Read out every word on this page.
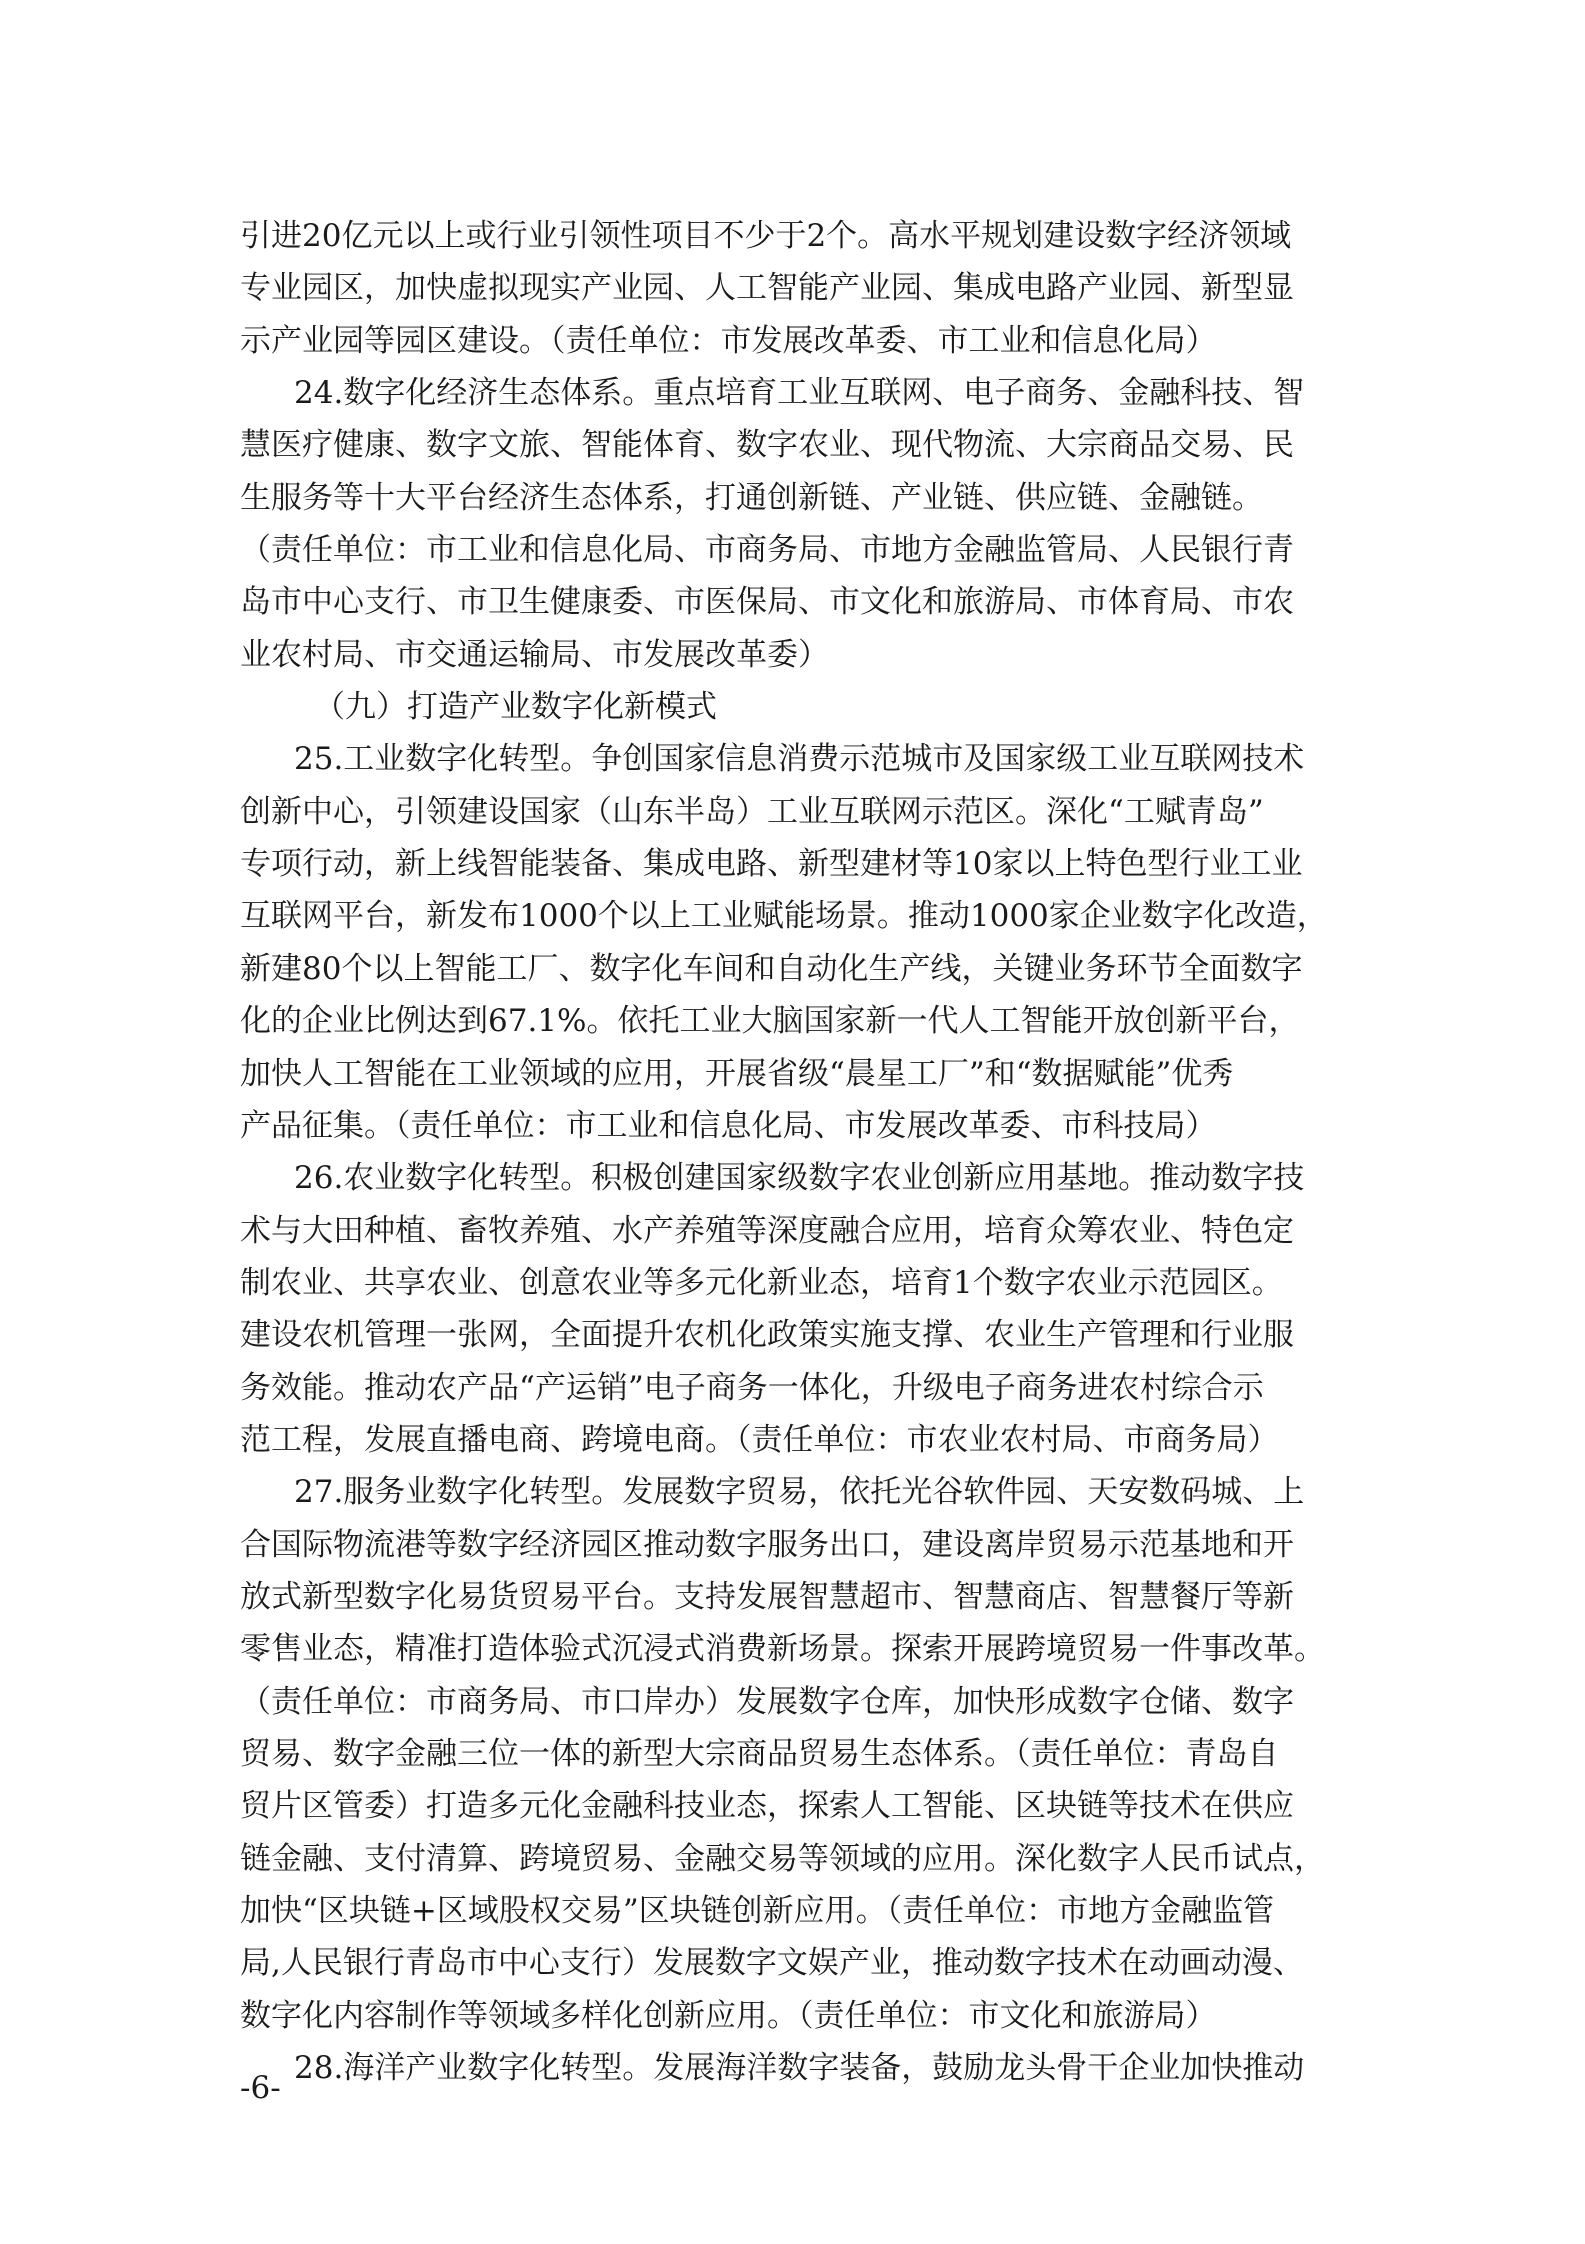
引进20亿元以上或行业引领性项目不少于2个。高水平规划建设数字经济领域
专业园区，加快虚拟现实产业园、人工智能产业园、集成电路产业园、新型显
示产业园等园区建设。（责任单位：市发展改革委、市工业和信息化局）
24.数字化经济生态体系。重点培育工业互联网、电子商务、金融科技、智
慧医疗健康、数字文旅、智能体育、数字农业、现代物流、大宗商品交易、民
生服务等十大平台经济生态体系，打通创新链、产业链、供应链、金融链。
（责任单位：市工业和信息化局、市商务局、市地方金融监管局、人民银行青
岛市中心支行、市卫生健康委、市医保局、市文化和旅游局、市体育局、市农
业农村局、市交通运输局、市发展改革委）
（九）打造产业数字化新模式
25.工业数字化转型。争创国家信息消费示范城市及国家级工业互联网技术
创新中心，引领建设国家（山东半岛）工业互联网示范区。深化“工赋青岛”
专项行动，新上线智能装备、集成电路、新型建材等10家以上特色型行业工业
互联网平台，新发布1000个以上工业赋能场景。推动1000家企业数字化改造，
新建80个以上智能工厂、数字化车间和自动化生产线，关键业务环节全面数字
化的企业比例达到67.1%。依托工业大脑国家新一代人工智能开放创新平台，
加快人工智能在工业领域的应用，开展省级“晨星工厂”和“数据赋能”优秀
产品征集。（责任单位：市工业和信息化局、市发展改革委、市科技局）
26.农业数字化转型。积极创建国家级数字农业创新应用基地。推动数字技
术与大田种植、畜牧养殖、水产养殖等深度融合应用，培育众筹农业、特色定
制农业、共享农业、创意农业等多元化新业态，培育1个数字农业示范园区。
建设农机管理一张网，全面提升农机化政策实施支撑、农业生产管理和行业服
务效能。推动农产品“产运销”电子商务一体化，升级电子商务进农村综合示
范工程，发展直播电商、跨境电商。（责任单位：市农业农村局、市商务局）
27.服务业数字化转型。发展数字贸易，依托光谷软件园、天安数码城、上
合国际物流港等数字经济园区推动数字服务出口，建设离岸贸易示范基地和开
放式新型数字化易货贸易平台。支持发展智慧超市、智慧商店、智慧餐厅等新
零售业态，精准打造体验式沉浸式消费新场景。探索开展跨境贸易一件事改革。
（责任单位：市商务局、市口岸办）发展数字仓库，加快形成数字仓储、数字
贸易、数字金融三位一体的新型大宗商品贸易生态体系。（责任单位：青岛自
贸片区管委）打造多元化金融科技业态，探索人工智能、区块链等技术在供应
链金融、支付清算、跨境贸易、金融交易等领域的应用。深化数字人民币试点，
加快“区块链+区域股权交易”区块链创新应用。（责任单位：市地方金融监管
局,人民银行青岛市中心支行）发展数字文娱产业，推动数字技术在动画动漫、
数字化内容制作等领域多样化创新应用。（责任单位：市文化和旅游局）
28.海洋产业数字化转型。发展海洋数字装备，鼓励龙头骨干企业加快推动
-6-
